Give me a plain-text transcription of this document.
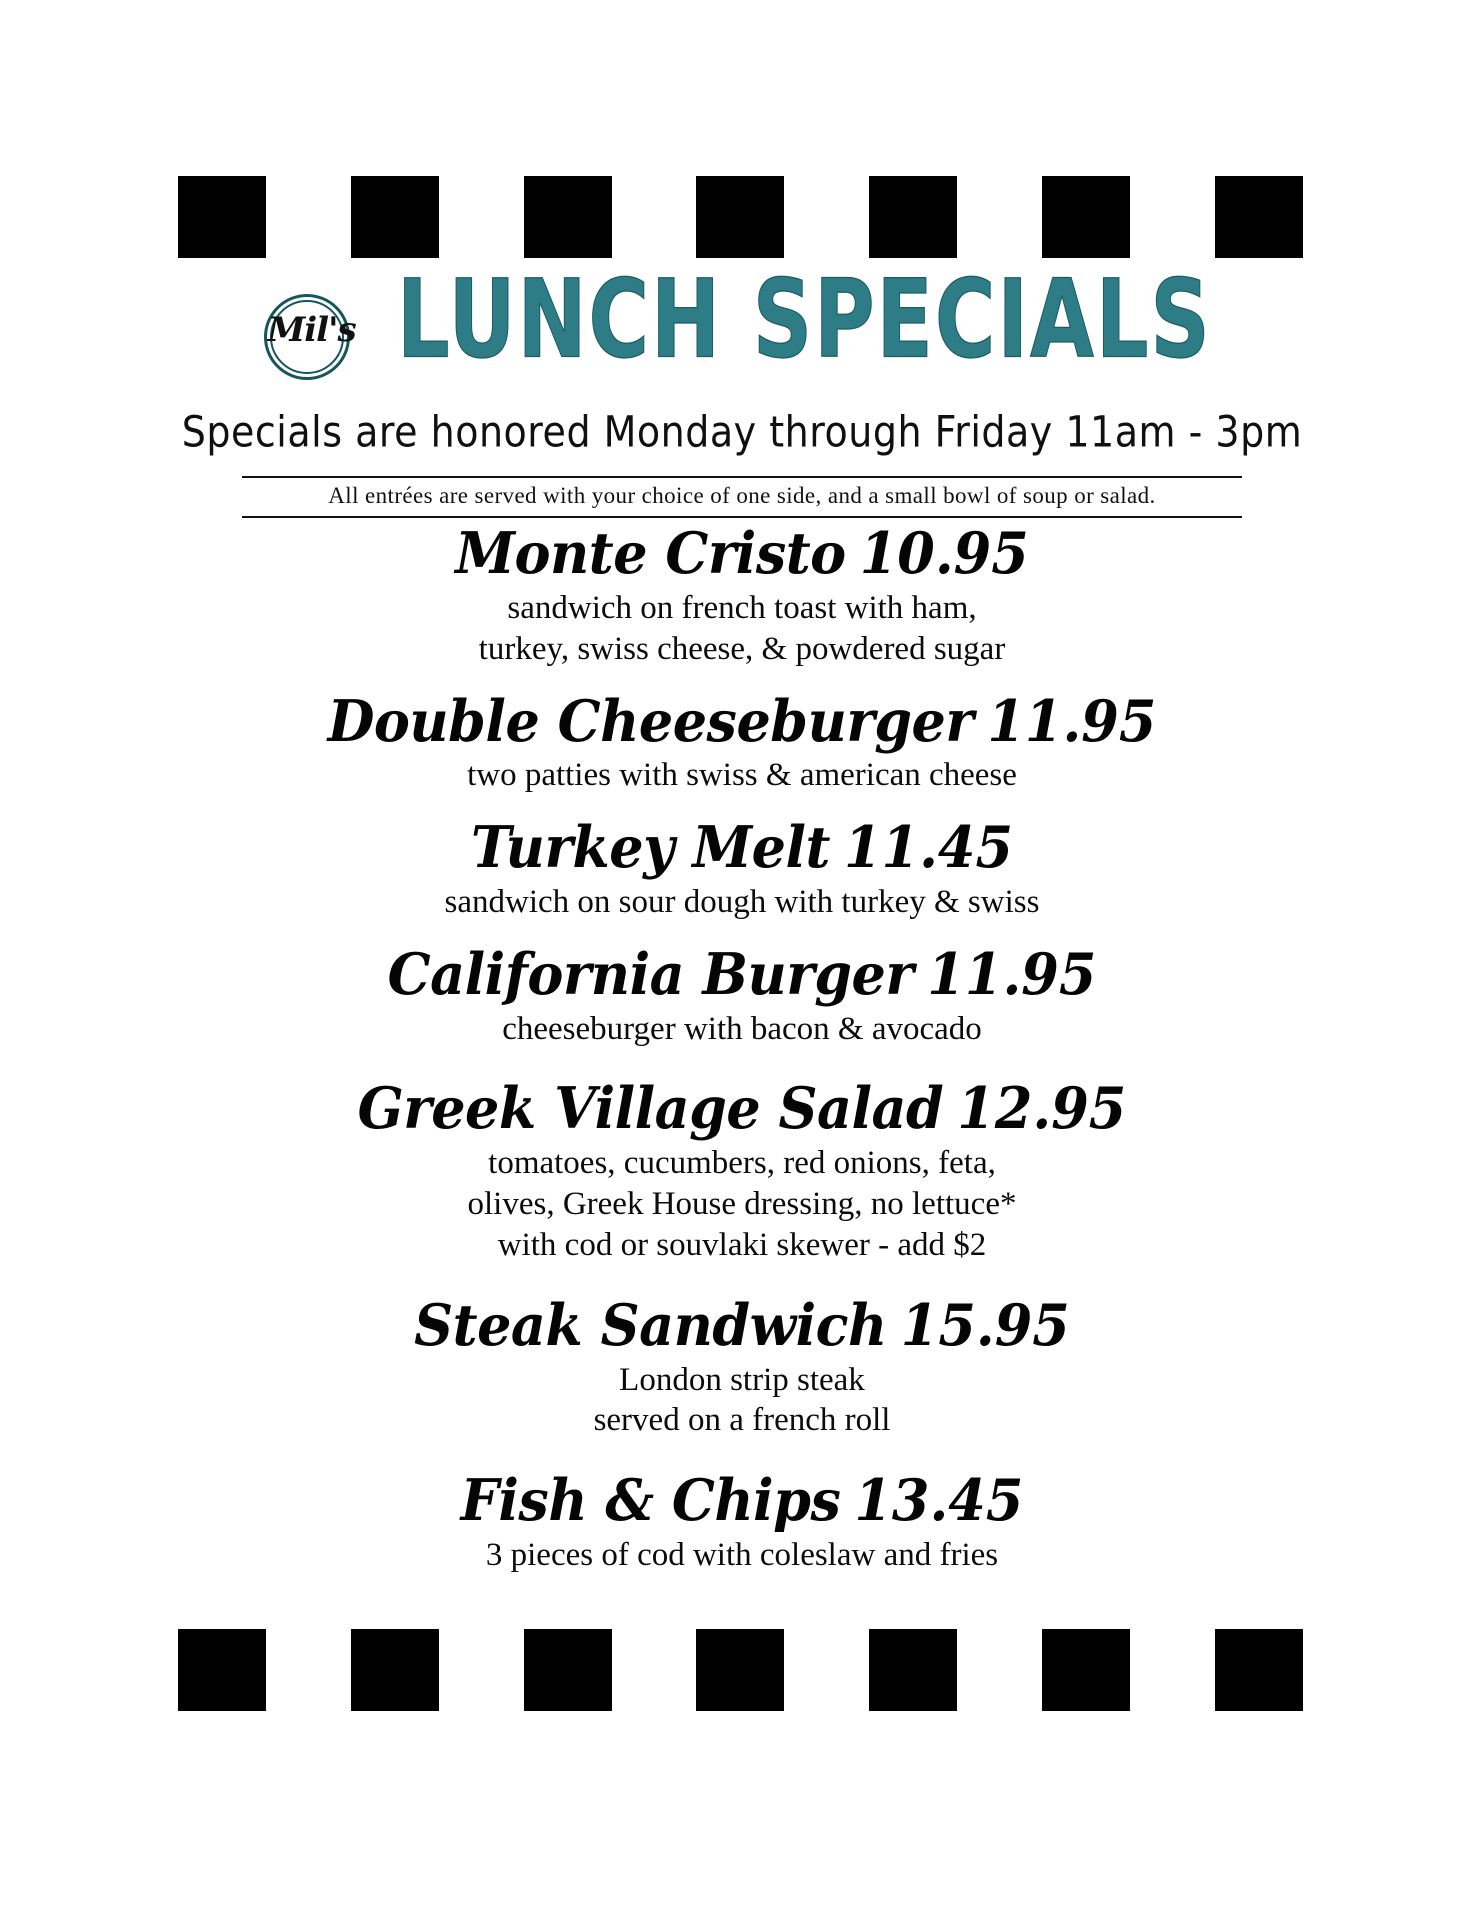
Mil's LUNCH SPECIALS
Specials are honored Monday through Friday 11am - 3pm
All entrées are served with your choice of one side, and a small bowl of soup or salad.
Monte Cristo 10.95
sandwich on french toast with ham,
turkey, swiss cheese, & powdered sugar
Double Cheeseburger 11.95
two patties with swiss & american cheese
Turkey Melt 11.45
sandwich on sour dough with turkey & swiss
California Burger 11.95
cheeseburger with bacon & avocado
Greek Village Salad 12.95
tomatoes, cucumbers, red onions, feta,
olives, Greek House dressing, no lettuce*
with cod or souvlaki skewer - add $2
Steak Sandwich 15.95
London strip steak
served on a french roll
Fish & Chips 13.45
3 pieces of cod with coleslaw and fries
